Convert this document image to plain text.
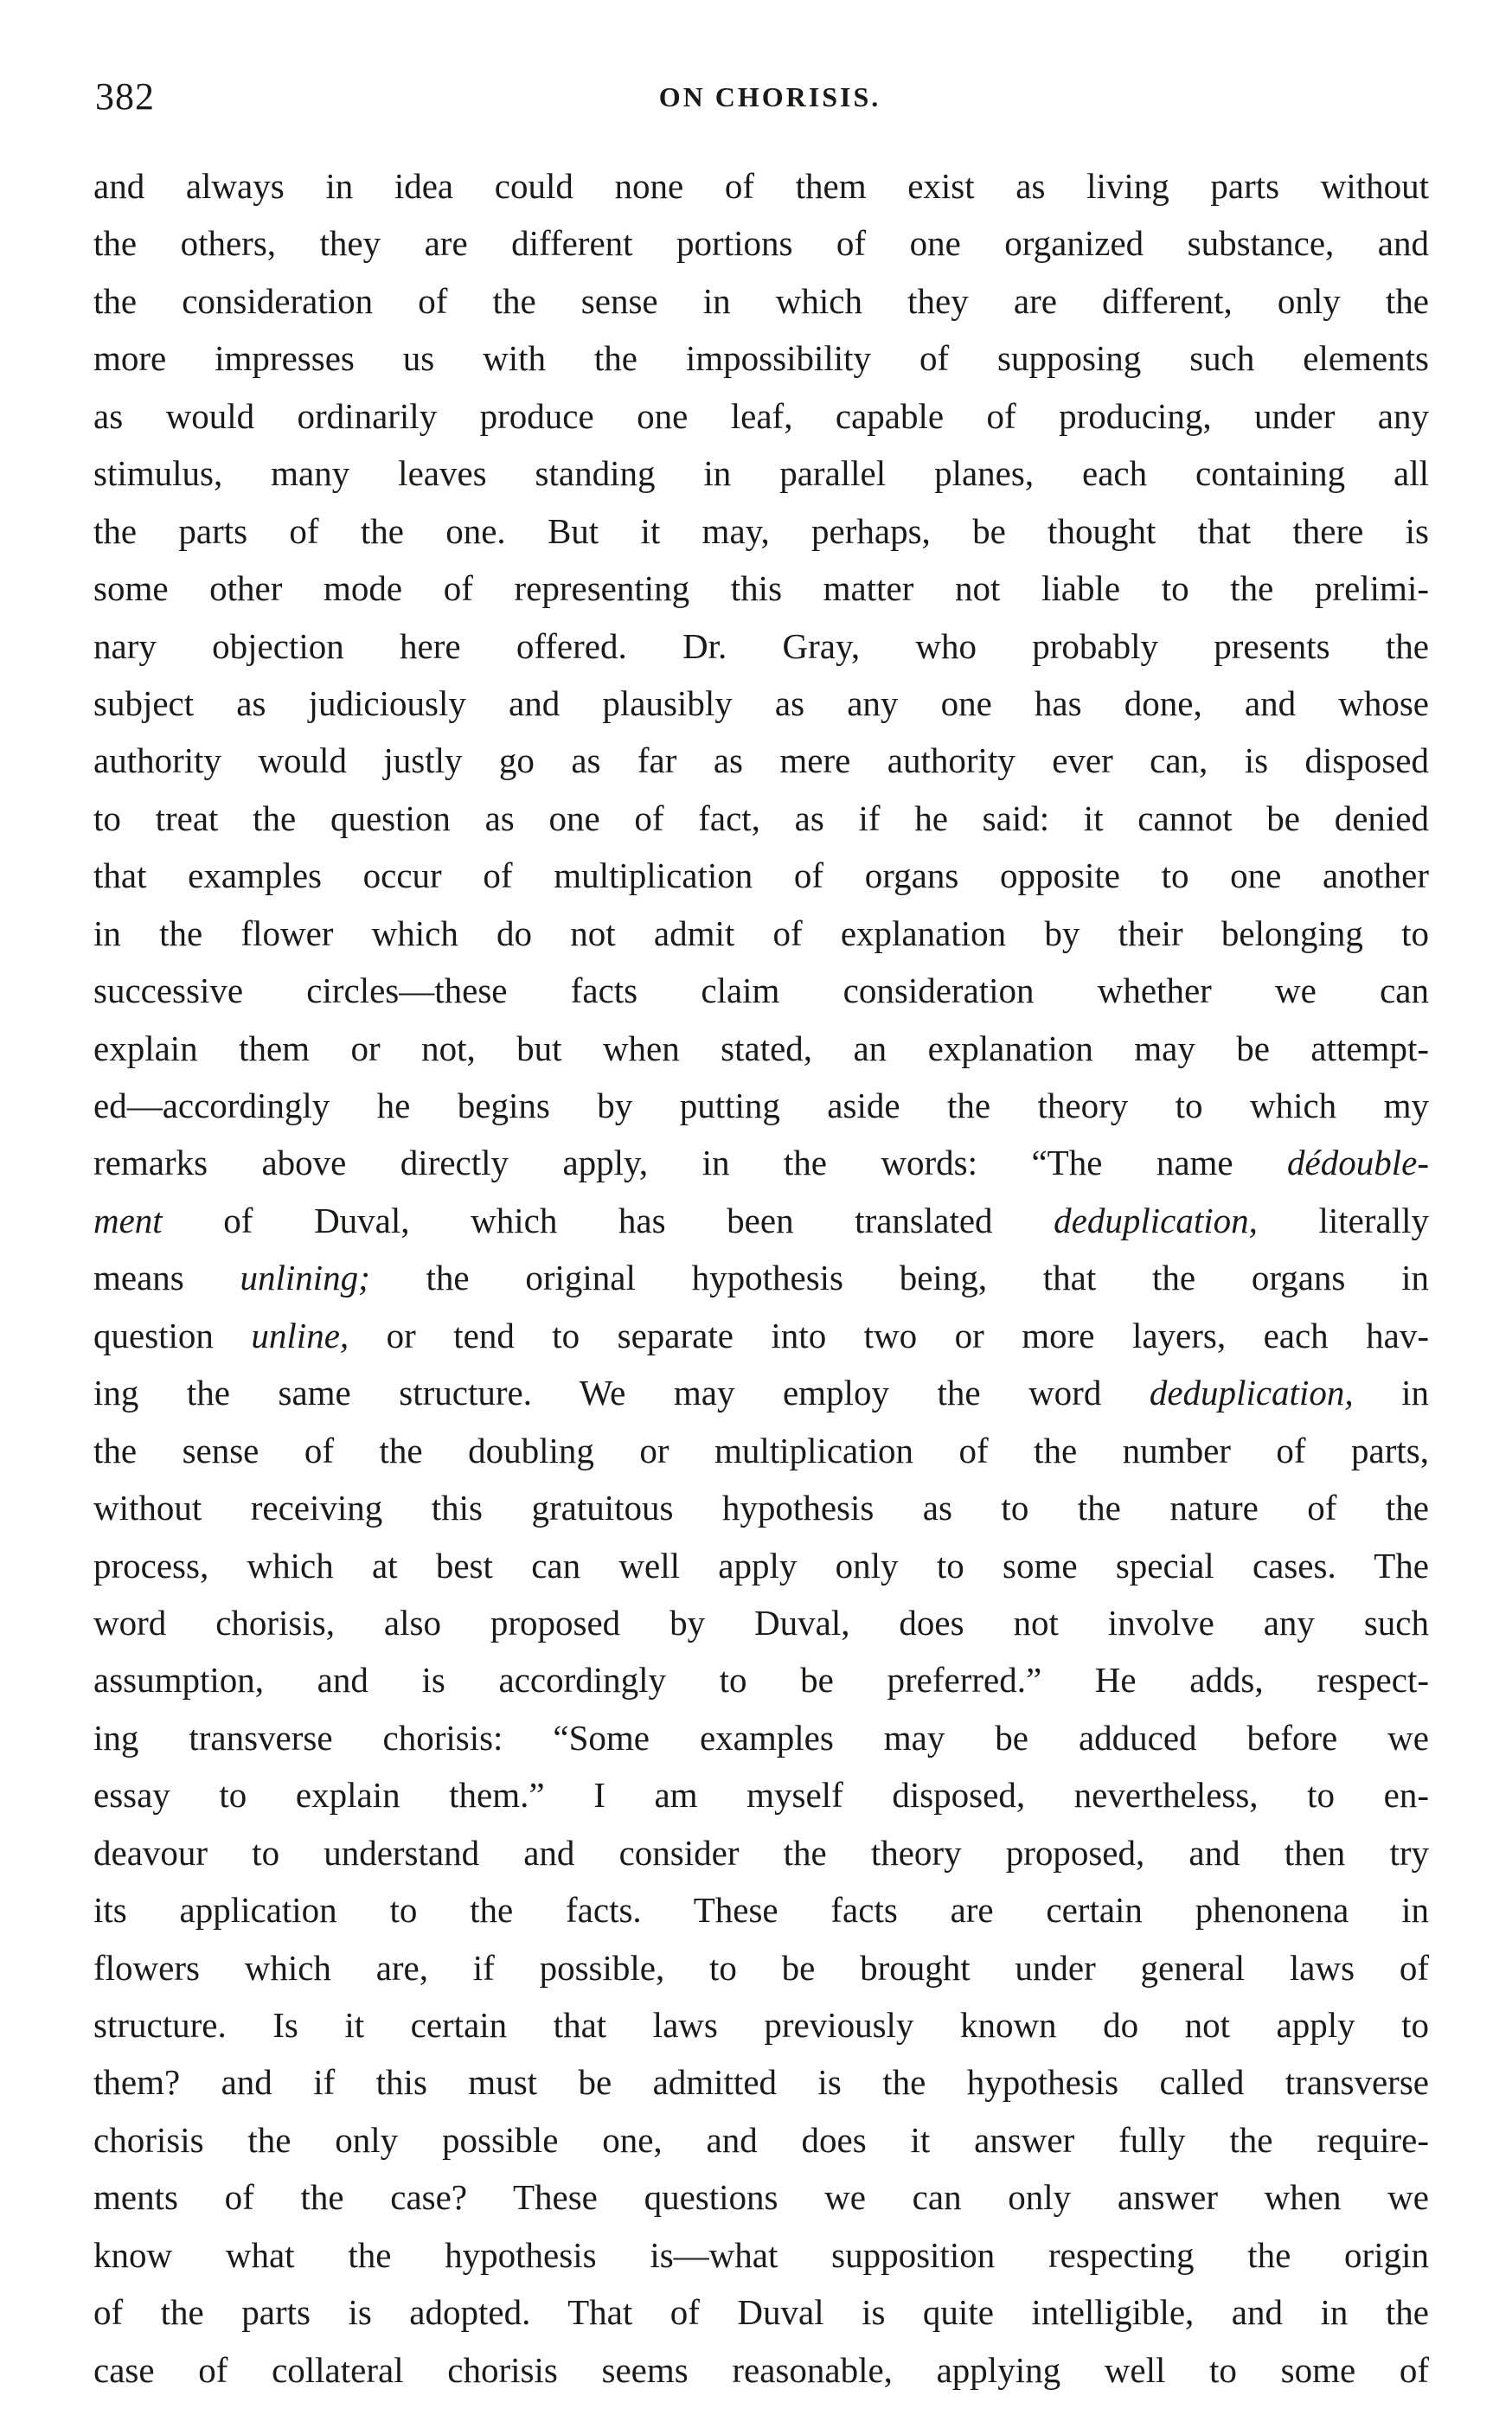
382	ON CHORISIS.
and always in idea could none of them exist as living parts without
the others, they are different portions of one organized substance, and
the consideration of the sense in which they are different, only the
more impresses us with the impossibility of supposing such elements
as would ordinarily produce one leaf, capable of producing, under any
stimulus, many leaves standing in parallel planes, each containing all
the parts of the one. But it may, perhaps, be thought that there is
some other mode of representing this matter not liable to the prelimi-
nary objection here offered. Dr. Gray, who probably presents the
subject as judiciously and plausibly as any one has done, and whose
authority would justly go as far as mere authority ever can, is disposed
to treat the question as one of fact, as if he said: it cannot be denied
that examples occur of multiplication of organs opposite to one another
in the flower which do not admit of explanation by their belonging to
successive circles—these facts claim consideration whether we can
explain them or not, but when stated, an explanation may be attempt-
ed—accordingly he begins by putting aside the theory to which my
remarks above directly apply, in the words: “The name dédouble-
ment of Duval, which has been translated deduplication, literally
means unlining; the original hypothesis being, that the organs in
question unline, or tend to separate into two or more layers, each hav-
ing the same structure. We may employ the word deduplication, in
the sense of the doubling or multiplication of the number of parts,
without receiving this gratuitous hypothesis as to the nature of the
process, which at best can well apply only to some special cases. The
word chorisis, also proposed by Duval, does not involve any such
assumption, and is accordingly to be preferred.” He adds, respect-
ing transverse chorisis: “Some examples may be adduced before we
essay to explain them.” I am myself disposed, nevertheless, to en-
deavour to understand and consider the theory proposed, and then try
its application to the facts. These facts are certain phenonena in
flowers which are, if possible, to be brought under general laws of
structure. Is it certain that laws previously known do not apply to
them? and if this must be admitted is the hypothesis called transverse
chorisis the only possible one, and does it answer fully the require-
ments of the case? These questions we can only answer when we
know what the hypothesis is—what supposition respecting the origin
of the parts is adopted. That of Duval is quite intelligible, and in the
case of collateral chorisis seems reasonable, applying well to some of
